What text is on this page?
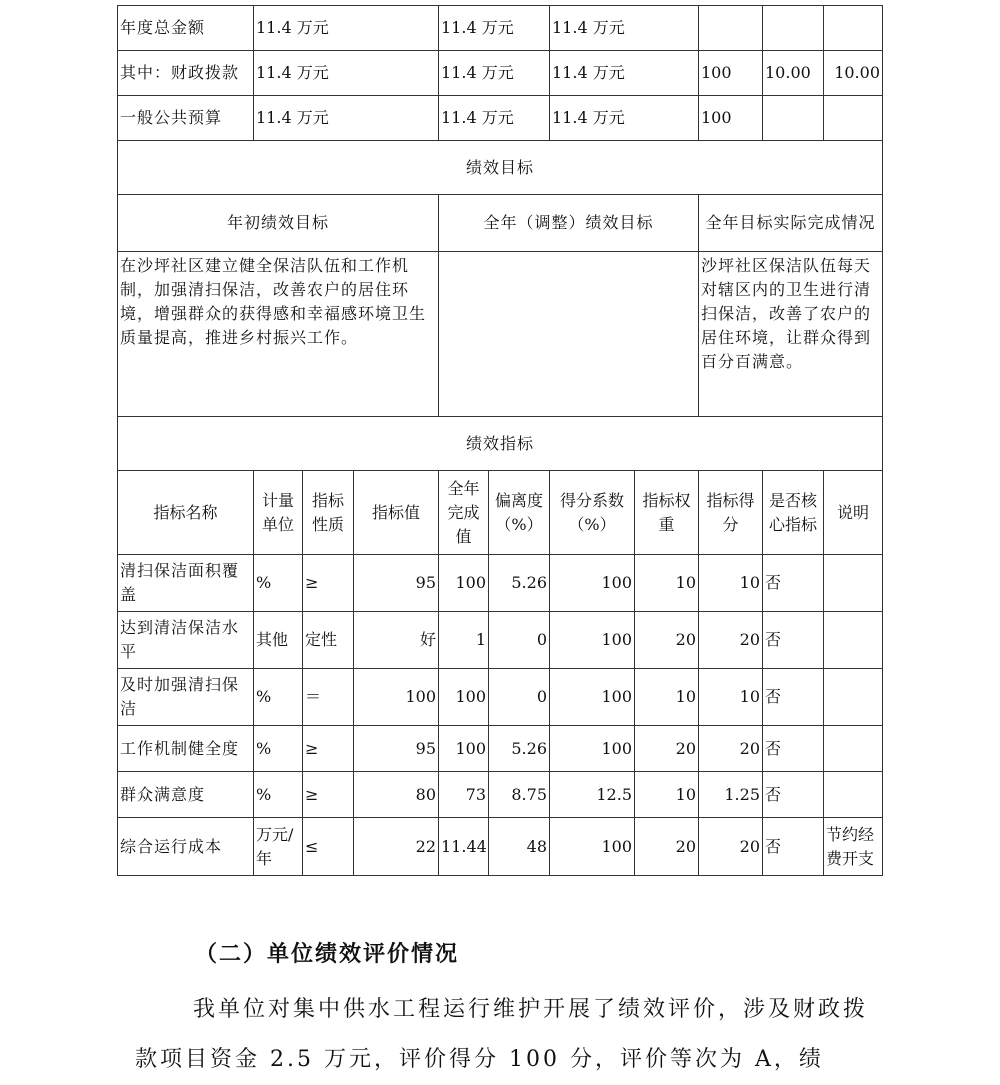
年度总金额	11.4 万元			11.4 万元		11.4 万元				
其中：财政拨款	11.4 万元			11.4 万元		11.4 万元		100	10.00	10.00
一般公共预算	11.4 万元			11.4 万元		11.4 万元		100		
绩效目标										
年初绩效目标				全年（调整）绩效目标				全年目标实际完成情况		
在沙坪社区建立健全保洁队伍和工作机制，加强清扫保洁，改善农户的居住环境，增强群众的获得感和幸福感环境卫生质量提高，推进乡村振兴工作。								沙坪社区保洁队伍每天对辖区内的卫生进行清扫保洁，改善了农户的居住环境，让群众得到百分百满意。		
绩效指标										
指标名称	计量单位	指标性质	指标值	全年完成值	偏离度（%）	得分系数（%）	指标权重	指标得分	是否核心指标	说明
清扫保洁面积覆盖	%	≥	95	100	5.26	100	10	10	否	
达到清洁保洁水平	其他	定性	好	1	0	100	20	20	否	
及时加强清扫保洁	%	＝	100	100	0	100	10	10	否	
工作机制健全度	%	≥	95	100	5.26	100	20	20	否	
群众满意度	%	≥	80	73	8.75	12.5	10	1.25	否	
综合运行成本	万元/年	≤	22	11.44	48	100	20	20	否	节约经费开支
（二）单位绩效评价情况
我单位对集中供水工程运行维护开展了绩效评价，涉及财政拨款项目资金 2.5 万元，评价得分 100 分，评价等次为 A，绩
